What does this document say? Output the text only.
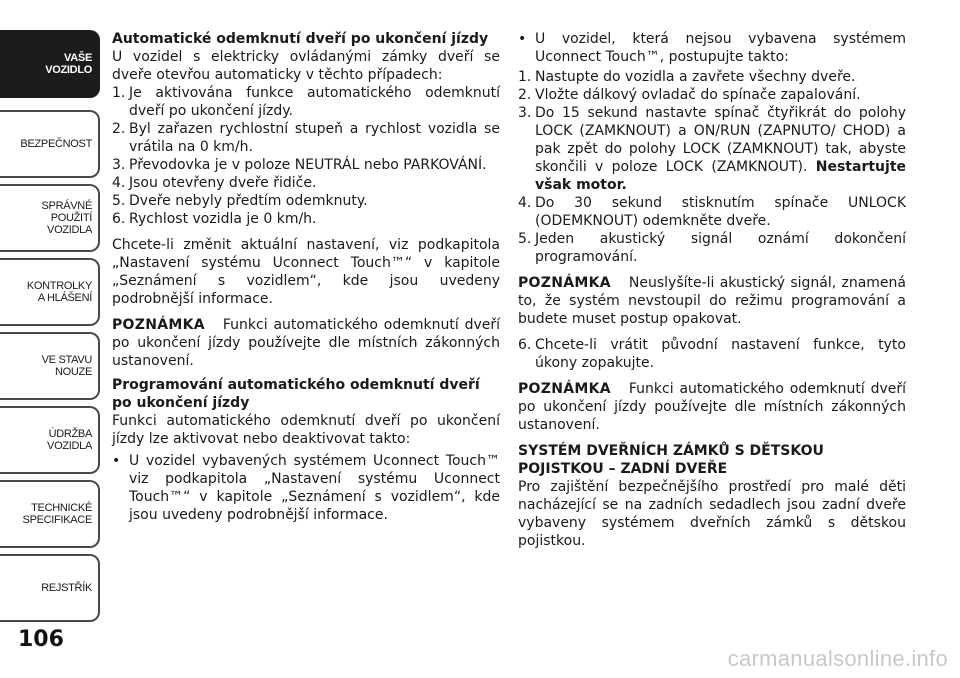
VAŠE
VOZIDLO
BEZPEČNOST
SPRÁVNÉ
POUŽITÍ
VOZIDLA
KONTROLKY
A HLÁŠENÍ
VE STAVU
NOUZE
ÚDRŽBA
VOZIDLA
TECHNICKÉ
SPECIFIKACE
REJSTŘÍK
106
Automatické odemknutí dveří po ukončení jízdy

U vozidel s elektricky ovládanými zámky dveří se dveře otevřou automaticky v těchto případech:

1. Je aktivována funkce automatického odemknutí dveří po ukončení jízdy.
2. Byl zařazen rychlostní stupeň a rychlost vozidla se vrátila na 0 km/h.
3. Převodovka je v poloze NEUTRÁL nebo PARKOVÁNÍ.
4. Jsou otevřeny dveře řidiče.
5. Dveře nebyly předtím odemknuty.
6. Rychlost vozidla je 0 km/h.

Chcete-li změnit aktuální nastavení, viz podkapitola „Nastavení systému Uconnect Touch™“ v kapitole „Seznámení s vozidlem“, kde jsou uvedeny podrobnější informace.

POZNÁMKA Funkci automatického odemknutí dveří po ukončení jízdy používejte dle místních zákonných ustanovení.

Programování automatického odemknutí dveří po ukončení jízdy

Funkci automatického odemknutí dveří po ukončení jízdy lze aktivovat nebo deaktivovat takto:

• U vozidel vybavených systémem Uconnect Touch™ viz podkapitola „Nastavení systému Uconnect Touch™“ v kapitole „Seznámení s vozidlem“, kde jsou uvedeny podrobnější informace.
• U vozidel, která nejsou vybavena systémem Uconnect Touch™, postupujte takto:
1. Nastupte do vozidla a zavřete všechny dveře.
2. Vložte dálkový ovladač do spínače zapalování.
3. Do 15 sekund nastavte spínač čtyřikrát do polohy LOCK (ZAMKNOUT) a ON/RUN (ZAPNUTO/ CHOD) a pak zpět do polohy LOCK (ZAMKNOUT) tak, abyste skončili v poloze LOCK (ZAMKNOUT). Nestartujte však motor.
4. Do 30 sekund stisknutím spínače UNLOCK (ODEMKNOUT) odemkněte dveře.
5. Jeden akustický signál oznámí dokončení programování.

POZNÁMKA Neuslyšíte-li akustický signál, znamená to, že systém nevstoupil do režimu programování a budete muset postup opakovat.

6. Chcete-li vrátit původní nastavení funkce, tyto úkony zopakujte.

POZNÁMKA Funkci automatického odemknutí dveří po ukončení jízdy používejte dle místních zákonných ustanovení.

SYSTÉM DVEŘNÍCH ZÁMKŮ S DĚTSKOU POJISTKOU – ZADNÍ DVEŘE

Pro zajištění bezpečnějšího prostředí pro malé děti nacházející se na zadních sedadlech jsou zadní dveře vybaveny systémem dveřních zámků s dětskou pojistkou.

carmanualsonline.info
